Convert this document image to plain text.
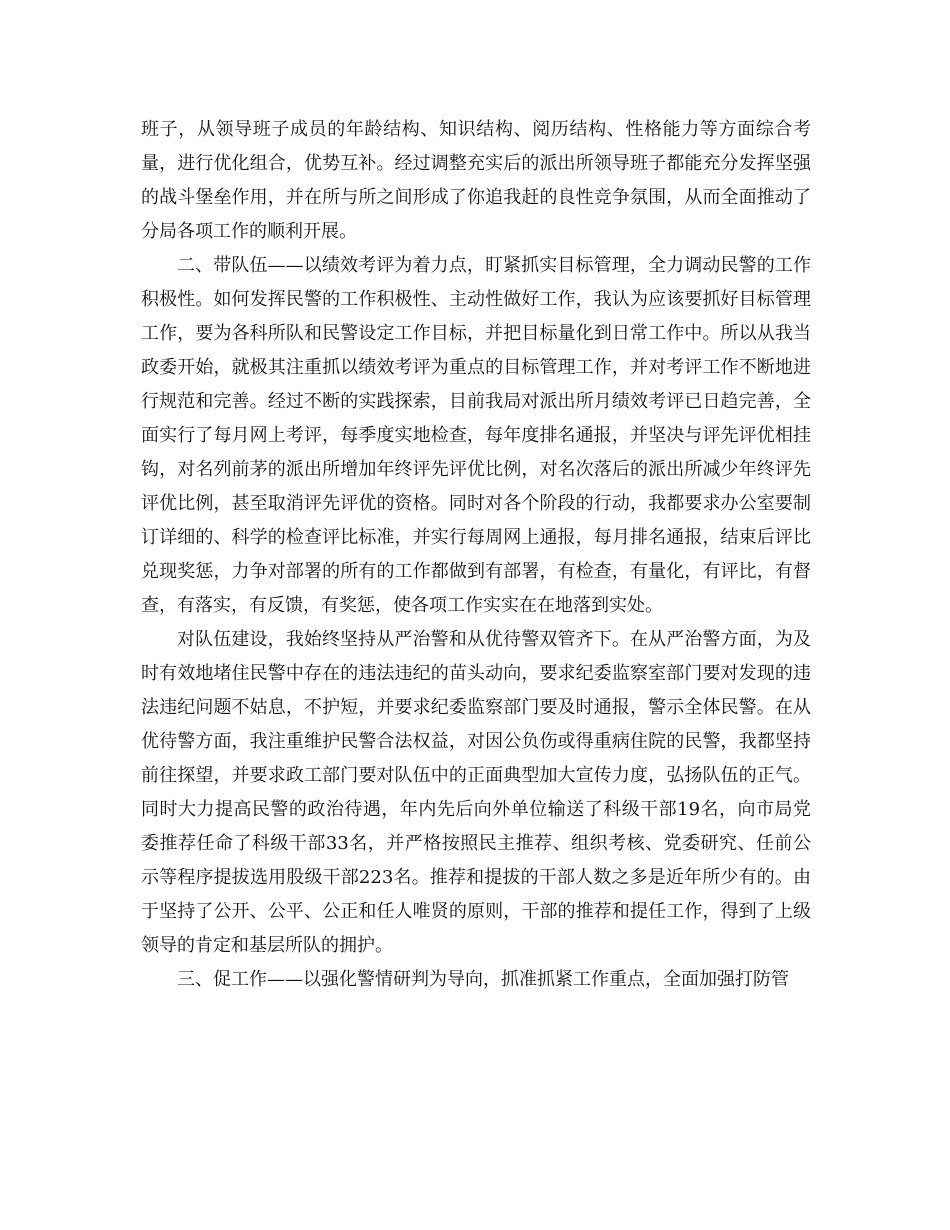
班子，从领导班子成员的年龄结构、知识结构、阅历结构、性格能力等方面综合考量，进行优化组合，优势互补。经过调整充实后的派出所领导班子都能充分发挥坚强的战斗堡垒作用，并在所与所之间形成了你追我赶的良性竞争氛围，从而全面推动了分局各项工作的顺利开展。

二、带队伍——以绩效考评为着力点，盯紧抓实目标管理，全力调动民警的工作积极性。如何发挥民警的工作积极性、主动性做好工作，我认为应该要抓好目标管理工作，要为各科所队和民警设定工作目标，并把目标量化到日常工作中。所以从我当政委开始，就极其注重抓以绩效考评为重点的目标管理工作，并对考评工作不断地进行规范和完善。经过不断的实践探索，目前我局对派出所月绩效考评已日趋完善，全面实行了每月网上考评，每季度实地检查，每年度排名通报，并坚决与评先评优相挂钩，对名列前茅的派出所增加年终评先评优比例，对名次落后的派出所减少年终评先评优比例，甚至取消评先评优的资格。同时对各个阶段的行动，我都要求办公室要制订详细的、科学的检查评比标准，并实行每周网上通报，每月排名通报，结束后评比兑现奖惩，力争对部署的所有的工作都做到有部署，有检查，有量化，有评比，有督查，有落实，有反馈，有奖惩，使各项工作实实在在地落到实处。

对队伍建设，我始终坚持从严治警和从优待警双管齐下。在从严治警方面，为及时有效地堵住民警中存在的违法违纪的苗头动向，要求纪委监察室部门要对发现的违法违纪问题不姑息，不护短，并要求纪委监察部门要及时通报，警示全体民警。在从优待警方面，我注重维护民警合法权益，对因公负伤或得重病住院的民警，我都坚持前往探望，并要求政工部门要对队伍中的正面典型加大宣传力度，弘扬队伍的正气。同时大力提高民警的政治待遇，年内先后向外单位输送了科级干部19名，向市局党委推荐任命了科级干部33名，并严格按照民主推荐、组织考核、党委研究、任前公示等程序提拔选用股级干部223名。推荐和提拔的干部人数之多是近年所少有的。由于坚持了公开、公平、公正和任人唯贤的原则，干部的推荐和提任工作，得到了上级领导的肯定和基层所队的拥护。

三、促工作——以强化警情研判为导向，抓准抓紧工作重点，全面加强打防管
